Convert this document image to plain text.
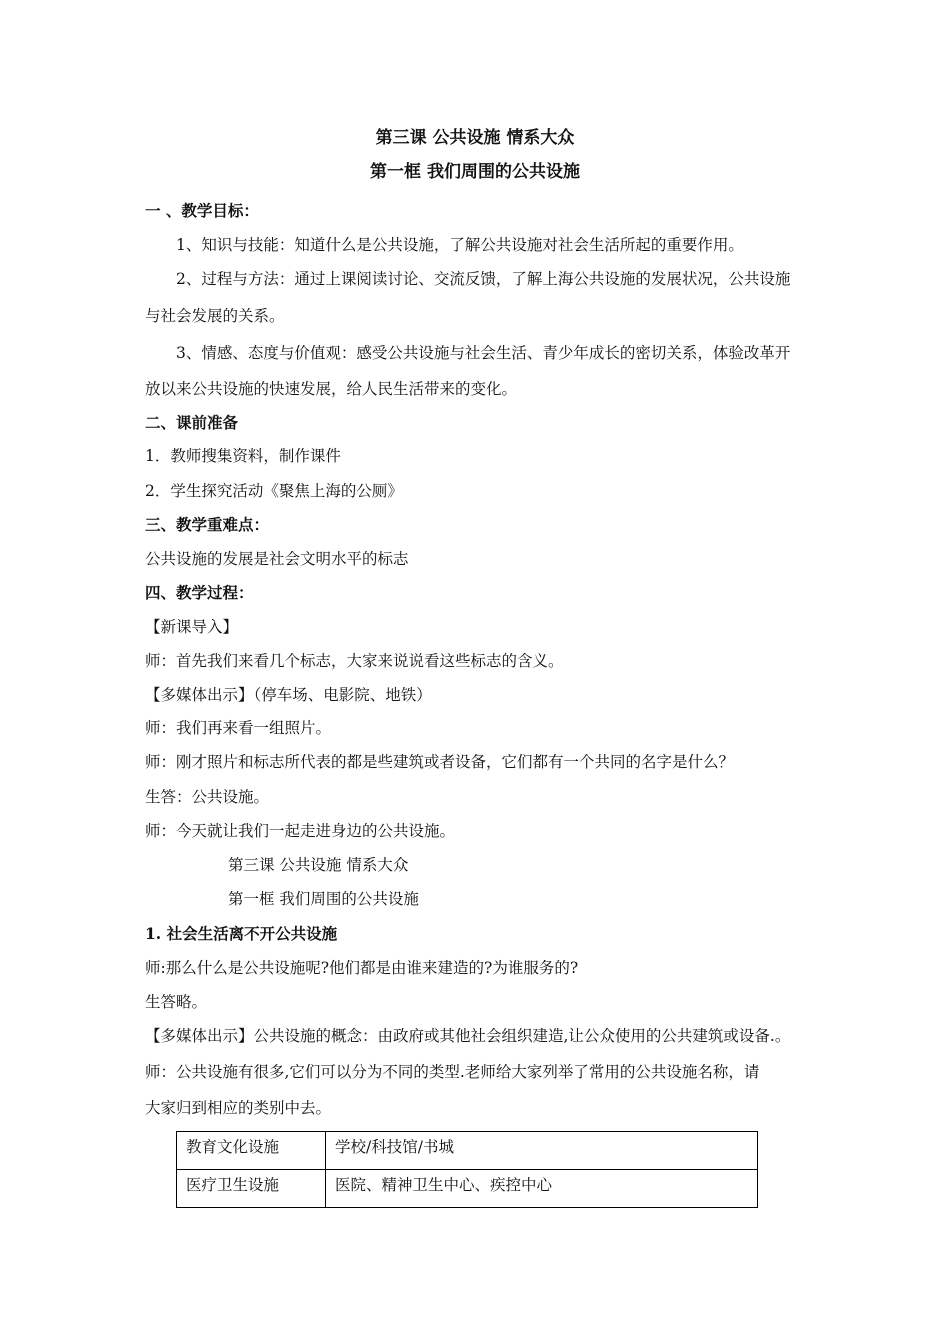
第三课 公共设施 情系大众
第一框 我们周围的公共设施
一 、教学目标：
1、知识与技能：知道什么是公共设施，了解公共设施对社会生活所起的重要作用。
2、过程与方法：通过上课阅读讨论、交流反馈，了解上海公共设施的发展状况，公共设施
与社会发展的关系。
3、情感、态度与价值观：感受公共设施与社会生活、青少年成长的密切关系，体验改革开
放以来公共设施的快速发展，给人民生活带来的变化。
二、课前准备
1．教师搜集资料，制作课件
2．学生探究活动《聚焦上海的公厕》
三、教学重难点：
公共设施的发展是社会文明水平的标志
四、教学过程：
【新课导入】
师：首先我们来看几个标志，大家来说说看这些标志的含义。
【多媒体出示】（停车场、电影院、地铁）
师：我们再来看一组照片。
师：刚才照片和标志所代表的都是些建筑或者设备，它们都有一个共同的名字是什么？
生答：公共设施。
师：今天就让我们一起走进身边的公共设施。
第三课 公共设施 情系大众
第一框 我们周围的公共设施
1. 社会生活离不开公共设施
师:那么什么是公共设施呢?他们都是由谁来建造的?为谁服务的?
生答略。
【多媒体出示】公共设施的概念：由政府或其他社会组织建造,让公众使用的公共建筑或设备.。
师：公共设施有很多,它们可以分为不同的类型.老师给大家列举了常用的公共设施名称，请
大家归到相应的类别中去。
教育文化设施	学校/科技馆/书城
医疗卫生设施	医院、精神卫生中心、疾控中心
